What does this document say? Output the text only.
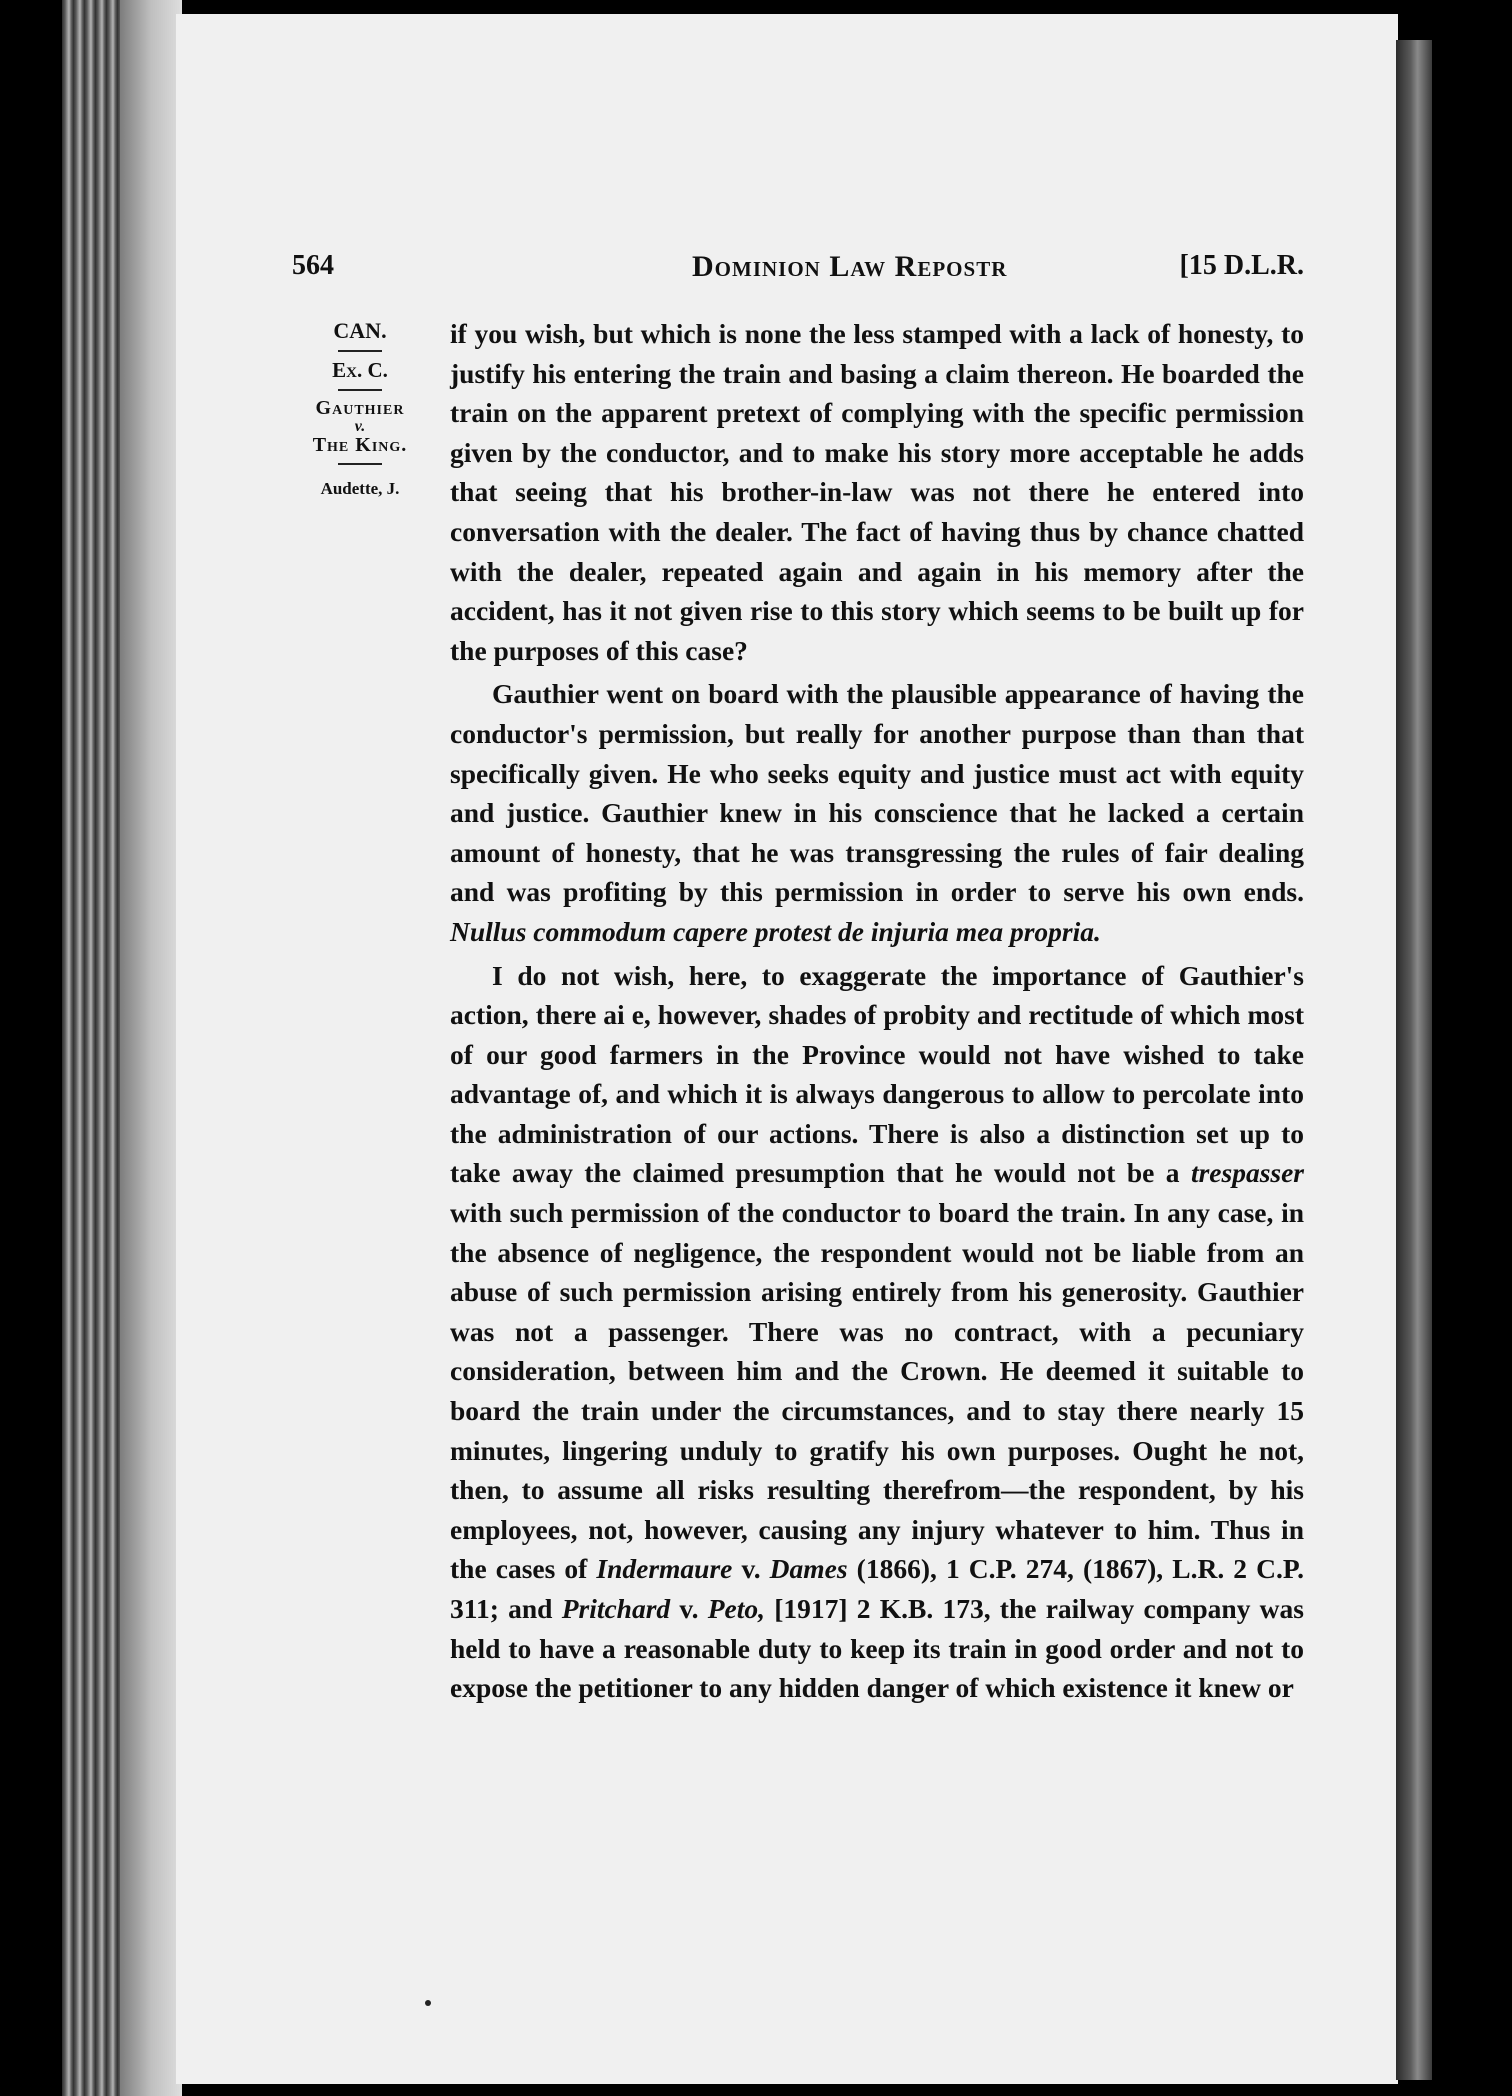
564	Dominion Law Repostr	[15 D.L.R.
CAN.
Ex. C.
Gauthier
v.
The King.
Audette, J.

if you wish, but which is none the less stamped with a lack of honesty, to justify his entering the train and basing a claim thereon. He boarded the train on the apparent pretext of complying with the specific permission given by the conductor, and to make his story more acceptable he adds that seeing that his brother-in-law was not there he entered into conversation with the dealer. The fact of having thus by chance chatted with the dealer, repeated again and again in his memory after the accident, has it not given rise to this story which seems to be built up for the purposes of this case?

Gauthier went on board with the plausible appearance of having the conductor's permission, but really for another purpose than than that specifically given. He who seeks equity and justice must act with equity and justice. Gauthier knew in his conscience that he lacked a certain amount of honesty, that he was transgressing the rules of fair dealing and was profiting by this permission in order to serve his own ends. Nullus commodum capere protest de injuria mea propria.

I do not wish, here, to exaggerate the importance of Gauthier's action, there ai e, however, shades of probity and rectitude of which most of our good farmers in the Province would not have wished to take advantage of, and which it is always dangerous to allow to percolate into the administration of our actions. There is also a distinction set up to take away the claimed presumption that he would not be a trespasser with such permission of the conductor to board the train. In any case, in the absence of negligence, the respondent would not be liable from an abuse of such permission arising entirely from his generosity. Gauthier was not a passenger. There was no contract, with a pecuniary consideration, between him and the Crown. He deemed it suitable to board the train under the circumstances, and to stay there nearly 15 minutes, lingering unduly to gratify his own purposes. Ought he not, then, to assume all risks resulting therefrom—the respondent, by his employees, not, however, causing any injury whatever to him. Thus in the cases of Indermaure v. Dames (1866), 1 C.P. 274, (1867), L.R. 2 C.P. 311; and Pritchard v. Peto, [1917] 2 K.B. 173, the railway company was held to have a reasonable duty to keep its train in good order and not to expose the petitioner to any hidden danger of which existence it knew or
